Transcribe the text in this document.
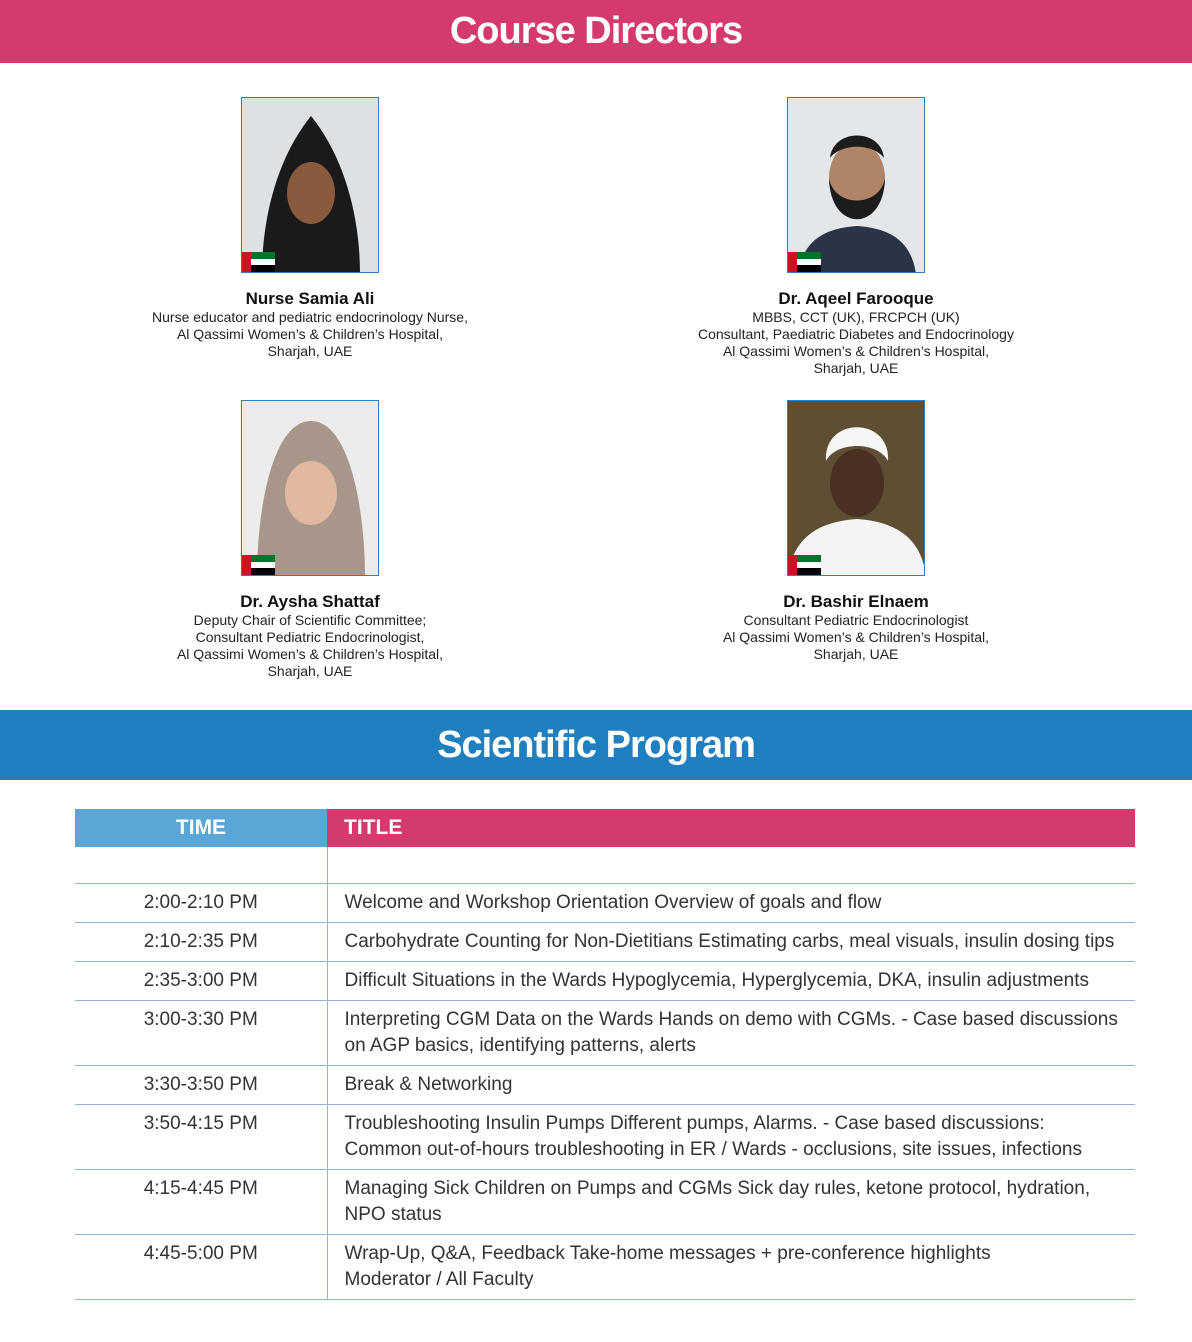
Course Directors
Nurse Samia Ali
Nurse educator and pediatric endocrinology Nurse,
Al Qassimi Women’s & Children’s Hospital,
Sharjah, UAE
Dr. Aqeel Farooque
MBBS, CCT (UK), FRCPCH (UK)
Consultant, Paediatric Diabetes and Endocrinology
Al Qassimi Women’s & Children’s Hospital,
Sharjah, UAE
Dr. Aysha Shattaf
Deputy Chair of Scientific Committee;
Consultant Pediatric Endocrinologist,
Al Qassimi Women’s & Children’s Hospital,
Sharjah, UAE
Dr. Bashir Elnaem
Consultant Pediatric Endocrinologist
Al Qassimi Women’s & Children’s Hospital,
Sharjah, UAE
Scientific Program
TIME	TITLE

2:00-2:10 PM	Welcome and Workshop Orientation Overview of goals and flow

2:10-2:35 PM	Carbohydrate Counting for Non-Dietitians Estimating carbs, meal visuals, insulin dosing tips

2:35-3:00 PM	Difficult Situations in the Wards Hypoglycemia, Hyperglycemia, DKA, insulin adjustments

3:00-3:30 PM	Interpreting CGM Data on the Wards Hands on demo with CGMs. - Case based discussions
on AGP basics, identifying patterns, alerts

3:30-3:50 PM	Break & Networking

3:50-4:15 PM	Troubleshooting Insulin Pumps Different pumps, Alarms. - Case based discussions:
Common out-of-hours troubleshooting in ER / Wards - occlusions, site issues, infections

4:15-4:45 PM	Managing Sick Children on Pumps and CGMs Sick day rules, ketone protocol, hydration,
NPO status

4:45-5:00 PM	Wrap-Up, Q&A, Feedback Take-home messages + pre-conference highlights
Moderator / All Faculty
